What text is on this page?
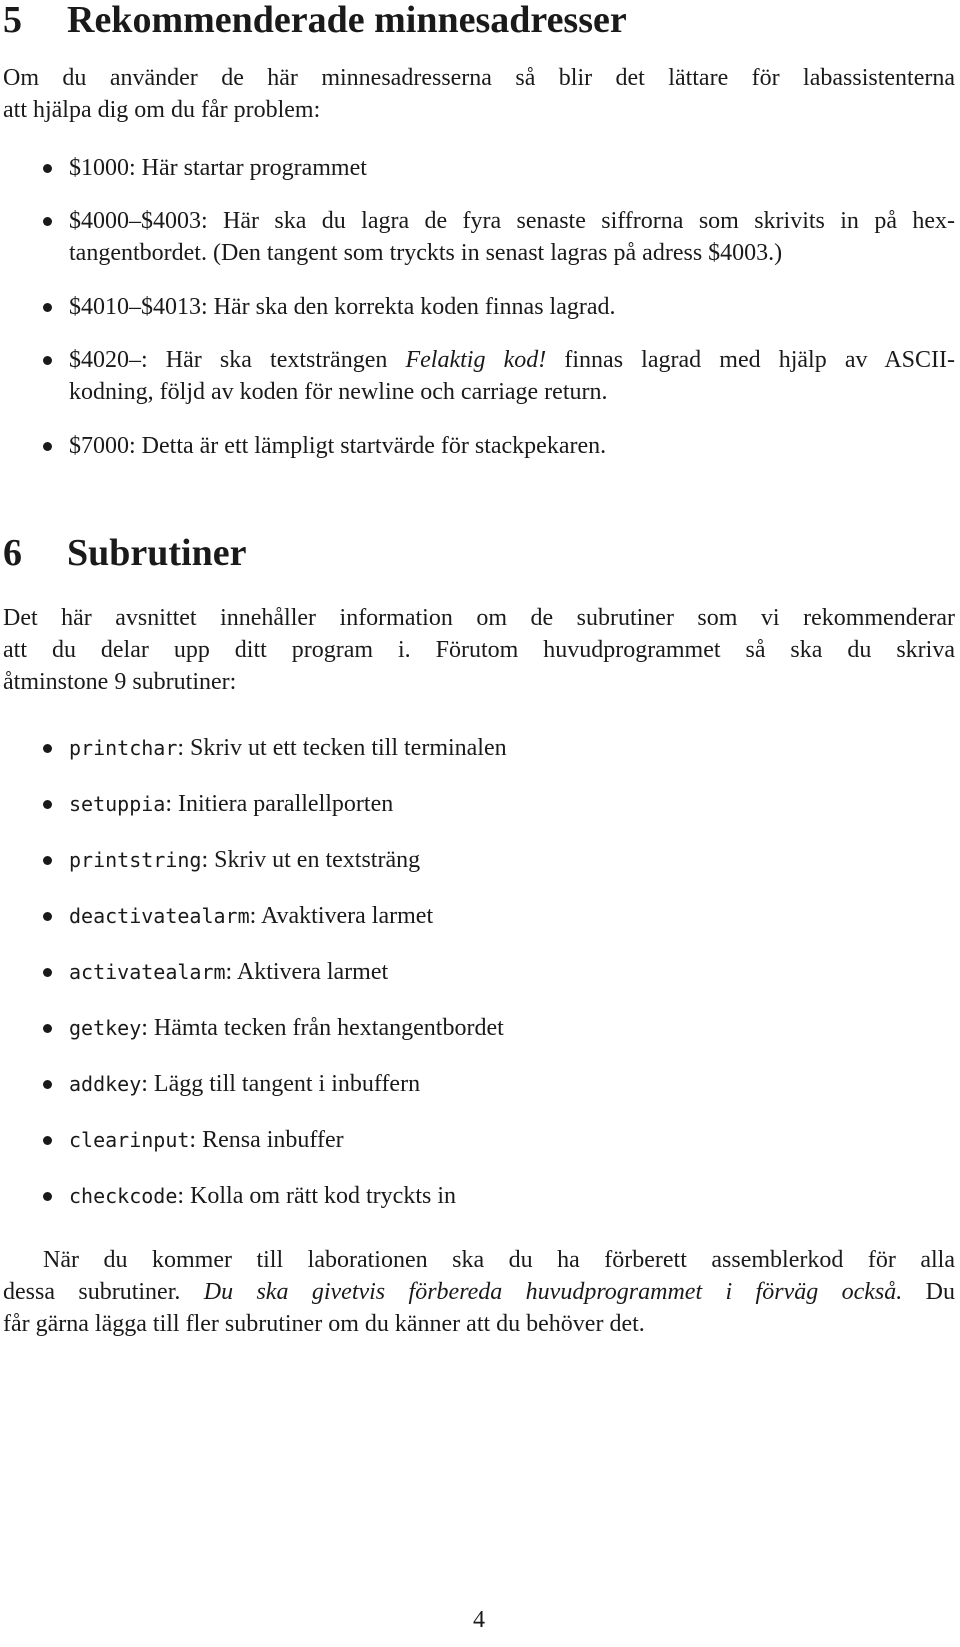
5 Rekommenderade minnesadresser
Om du använder de här minnesadresserna så blir det lättare för labassistenterna
att hjälpa dig om du får problem:
$1000: Här startar programmet
$4000–$4003: Här ska du lagra de fyra senaste siffrorna som skrivits in på hex-
tangentbordet. (Den tangent som tryckts in senast lagras på adress $4003.)
$4010–$4013: Här ska den korrekta koden finnas lagrad.
$4020–: Här ska textsträngen Felaktig kod! finnas lagrad med hjälp av ASCII-
kodning, följd av koden för newline och carriage return.
$7000: Detta är ett lämpligt startvärde för stackpekaren.
6 Subrutiner
Det här avsnittet innehåller information om de subrutiner som vi rekommenderar
att du delar upp ditt program i. Förutom huvudprogrammet så ska du skriva
åtminstone 9 subrutiner:
printchar: Skriv ut ett tecken till terminalen
setuppia: Initiera parallellporten
printstring: Skriv ut en textsträng
deactivatealarm: Avaktivera larmet
activatealarm: Aktivera larmet
getkey: Hämta tecken från hextangentbordet
addkey: Lägg till tangent i inbuffern
clearinput: Rensa inbuffer
checkcode: Kolla om rätt kod tryckts in
När du kommer till laborationen ska du ha förberett assemblerkod för alla
dessa subrutiner. Du ska givetvis förbereda huvudprogrammet i förväg också. Du
får gärna lägga till fler subrutiner om du känner att du behöver det.
4
